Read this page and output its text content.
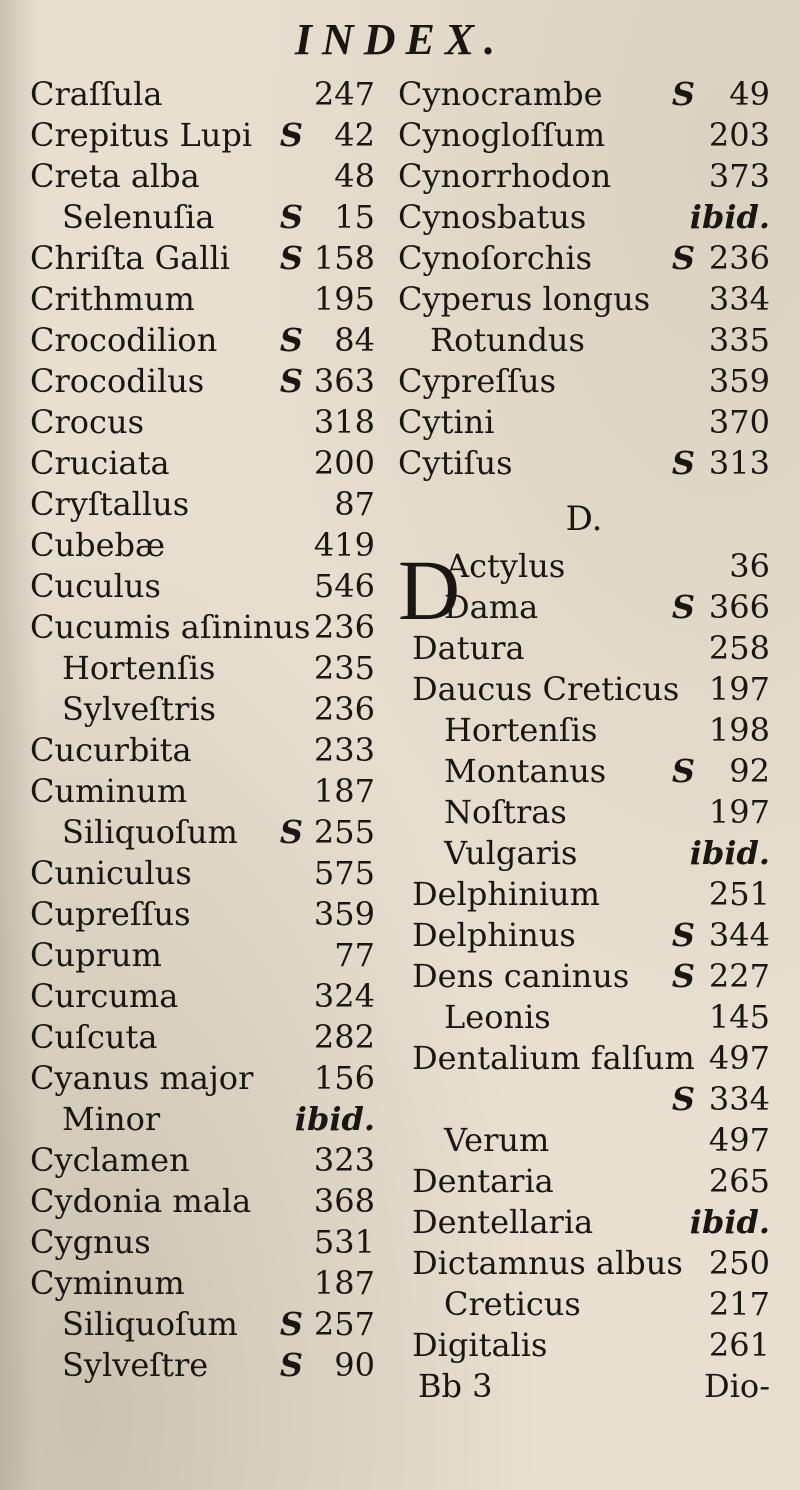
INDEX.
Craſſula	247
Crepitus Lupi S 42
Creta alba	48
Selenuſia S 15
Chriſta Galli S 158
Crithmum	195
Crocodilion S 84
Crocodilus S 363
Crocus	318
Cruciata	200
Cryſtallus	87
Cubebæ	419
Cuculus	546
Cucumis aſininus 236
Hortenſis	235
Sylveſtris	236
Cucurbita	233
Cuminum	187
Siliquoſum S 255
Cuniculus	575
Cupreſſus	359
Cuprum	77
Curcuma	324
Cuſcuta	282
Cyanus major 156
Minor	ibid.
Cyclamen	323
Cydonia mala 368
Cygnus	531
Cyminum	187
Siliquoſum S 257
Sylveſtre S 90
Cynocrambe S 49
Cynogloſſum	203
Cynorrhodon	373
Cynosbatus	ibid.
Cynoſorchis S 236
Cyperus longus 334
Rotundus	335
Cypreſſus	359
Cytini	370
Cytiſus	S 313
D.
D
Actylus	36
Dama	S 366
Datura	258
Daucus Creticus 197
Hortenſis	198
Montanus S 92
Noſtras	197
Vulgaris	ibid.
Delphinium	251
Delphinus	S 344
Dens caninus S 227
Leonis	145
Dentalium falſum 497
S 334
Verum	497
Dentaria	265
Dentellaria	ibid.
Dictamnus albus 250
Creticus	217
Digitalis	261
Bb 3	Dio-
